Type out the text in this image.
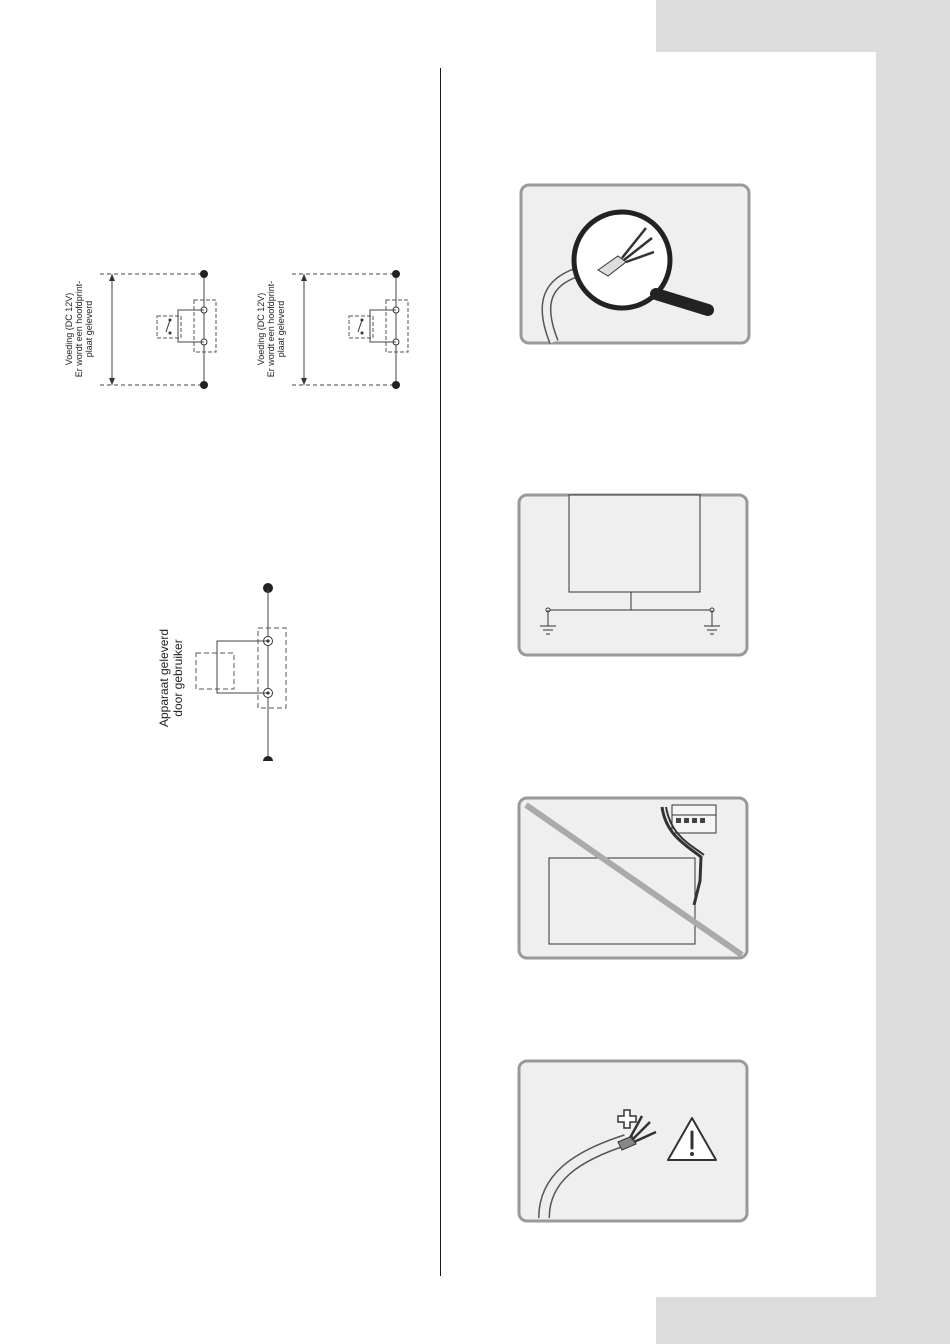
Voeding (DC 12V) Er wordt een hoofdprint- plaat geleverd	Voeding (DC 12V) Er wordt een hoofdprint- plaat geleverd
Apparaat geleverd door gebruiker
